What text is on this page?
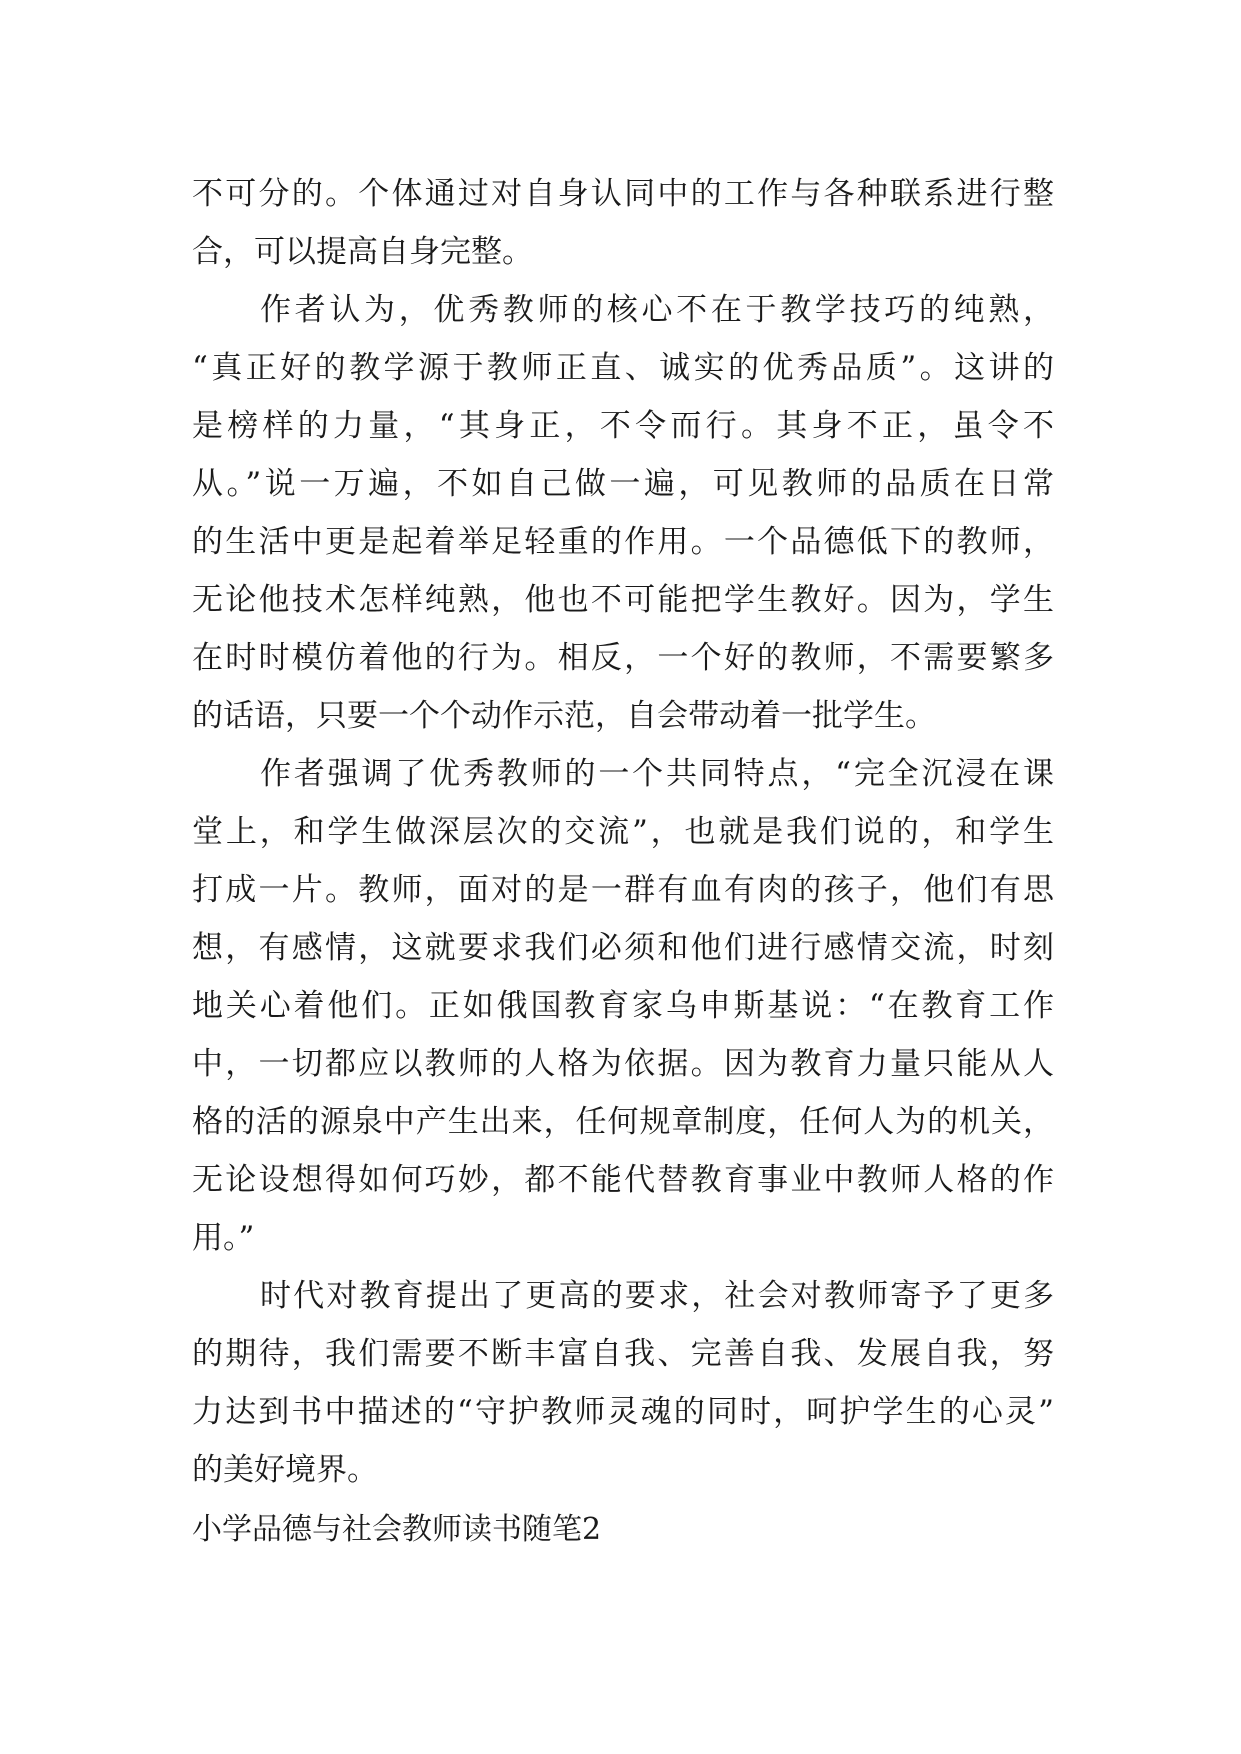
不可分的。个体通过对自身认同中的工作与各种联系进行整
合，可以提高自身完整。
作者认为，优秀教师的核心不在于教学技巧的纯熟，
“真正好的教学源于教师正直、诚实的优秀品质”。这讲的
是榜样的力量，“其身正，不令而行。其身不正，虽令不
从。”说一万遍，不如自己做一遍，可见教师的品质在日常
的生活中更是起着举足轻重的作用。一个品德低下的教师，
无论他技术怎样纯熟，他也不可能把学生教好。因为，学生
在时时模仿着他的行为。相反，一个好的教师，不需要繁多
的话语，只要一个个动作示范，自会带动着一批学生。
作者强调了优秀教师的一个共同特点，“完全沉浸在课
堂上，和学生做深层次的交流”，也就是我们说的，和学生
打成一片。教师，面对的是一群有血有肉的孩子，他们有思
想，有感情，这就要求我们必须和他们进行感情交流，时刻
地关心着他们。正如俄国教育家乌申斯基说：“在教育工作
中，一切都应以教师的人格为依据。因为教育力量只能从人
格的活的源泉中产生出来，任何规章制度，任何人为的机关，
无论设想得如何巧妙，都不能代替教育事业中教师人格的作
用。”
时代对教育提出了更高的要求，社会对教师寄予了更多
的期待，我们需要不断丰富自我、完善自我、发展自我，努
力达到书中描述的“守护教师灵魂的同时，呵护学生的心灵”
的美好境界。
小学品德与社会教师读书随笔2
